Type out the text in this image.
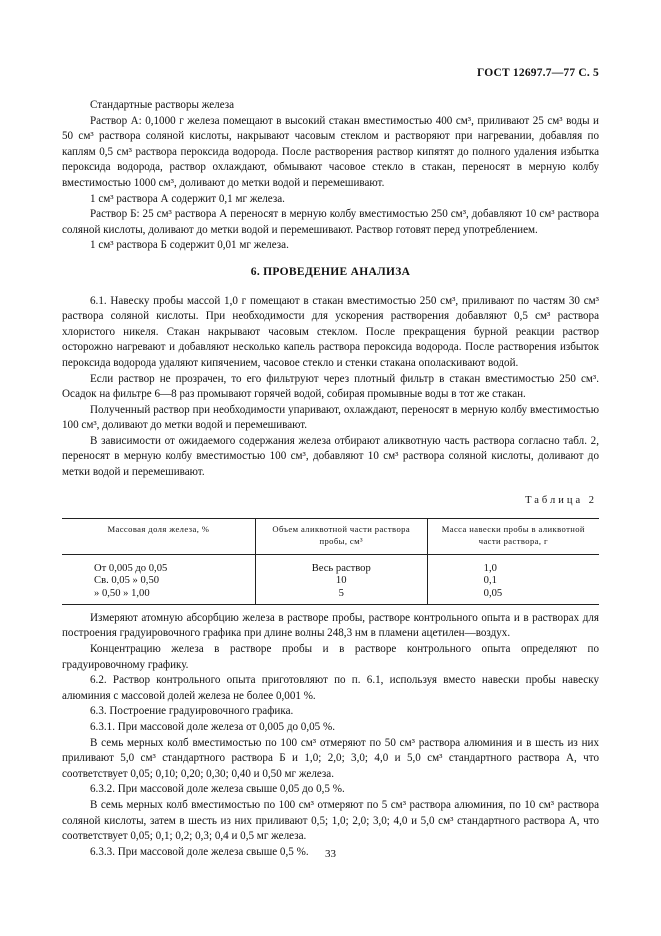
ГОСТ 12697.7—77 С. 5

Стандартные растворы железа

Раствор А: 0,1000 г железа помещают в высокий стакан вместимостью 400 см³, приливают 25 см³ воды и 50 см³ раствора соляной кислоты, накрывают часовым стеклом и растворяют при нагревании, добавляя по каплям 0,5 см³ раствора пероксида водорода. После растворения раствор кипятят до полного удаления избытка пероксида водорода, раствор охлаждают, обмывают часовое стекло в стакан, переносят в мерную колбу вместимостью 1000 см³, доливают до метки водой и перемешивают.

1 см³ раствора А содержит 0,1 мг железа.

Раствор Б: 25 см³ раствора А переносят в мерную колбу вместимостью 250 см³, добавляют 10 см³ раствора соляной кислоты, доливают до метки водой и перемешивают. Раствор готовят перед употреблением.

1 см³ раствора Б содержит 0,01 мг железа.

6. ПРОВЕДЕНИЕ АНАЛИЗА

6.1. Навеску пробы массой 1,0 г помещают в стакан вместимостью 250 см³, приливают по частям 30 см³ раствора соляной кислоты. При необходимости для ускорения растворения добавляют 0,5 см³ раствора хлористого никеля. Стакан накрывают часовым стеклом. После прекращения бурной реакции раствор осторожно нагревают и добавляют несколько капель раствора пероксида водорода. После растворения избыток пероксида водорода удаляют кипячением, часовое стекло и стенки стакана ополаскивают водой.

Если раствор не прозрачен, то его фильтруют через плотный фильтр в стакан вместимостью 250 см³. Осадок на фильтре 6—8 раз промывают горячей водой, собирая промывные воды в тот же стакан.

Полученный раствор при необходимости упаривают, охлаждают, переносят в мерную колбу вместимостью 100 см³, доливают до метки водой и перемешивают.

В зависимости от ожидаемого содержания железа отбирают аликвотную часть раствора согласно табл. 2, переносят в мерную колбу вместимостью 100 см³, добавляют 10 см³ раствора соляной кислоты, доливают до метки водой и перемешивают.

Таблица 2
Массовая доля железа, %	Объем аликвотной части раствора пробы, см³	Масса навески пробы в аликвотной части раствора, г
От 0,005 до 0,05	Весь раствор	1,0
Св. 0,05 » 0,50	10	0,1
» 0,50 » 1,00	5	0,05

Измеряют атомную абсорбцию железа в растворе пробы, растворе контрольного опыта и в растворах для построения градуировочного графика при длине волны 248,3 нм в пламени ацетилен—воздух.

Концентрацию железа в растворе пробы и в растворе контрольного опыта определяют по градуировочному графику.

6.2. Раствор контрольного опыта приготовляют по п. 6.1, используя вместо навески пробы навеску алюминия с массовой долей железа не более 0,001 %.

6.3. Построение градуировочного графика.

6.3.1. При массовой доле железа от 0,005 до 0,05 %.

В семь мерных колб вместимостью по 100 см³ отмеряют по 50 см³ раствора алюминия и в шесть из них приливают 5,0 см³ стандартного раствора Б и 1,0; 2,0; 3,0; 4,0 и 5,0 см³ стандартного раствора А, что соответствует 0,05; 0,10; 0,20; 0,30; 0,40 и 0,50 мг железа.

6.3.2. При массовой доле железа свыше 0,05 до 0,5 %.

В семь мерных колб вместимостью по 100 см³ отмеряют по 5 см³ раствора алюминия, по 10 см³ раствора соляной кислоты, затем в шесть из них приливают 0,5; 1,0; 2,0; 3,0; 4,0 и 5,0 см³ стандартного раствора А, что соответствует 0,05; 0,1; 0,2; 0,3; 0,4 и 0,5 мг железа.

6.3.3. При массовой доле железа свыше 0,5 %.	33
